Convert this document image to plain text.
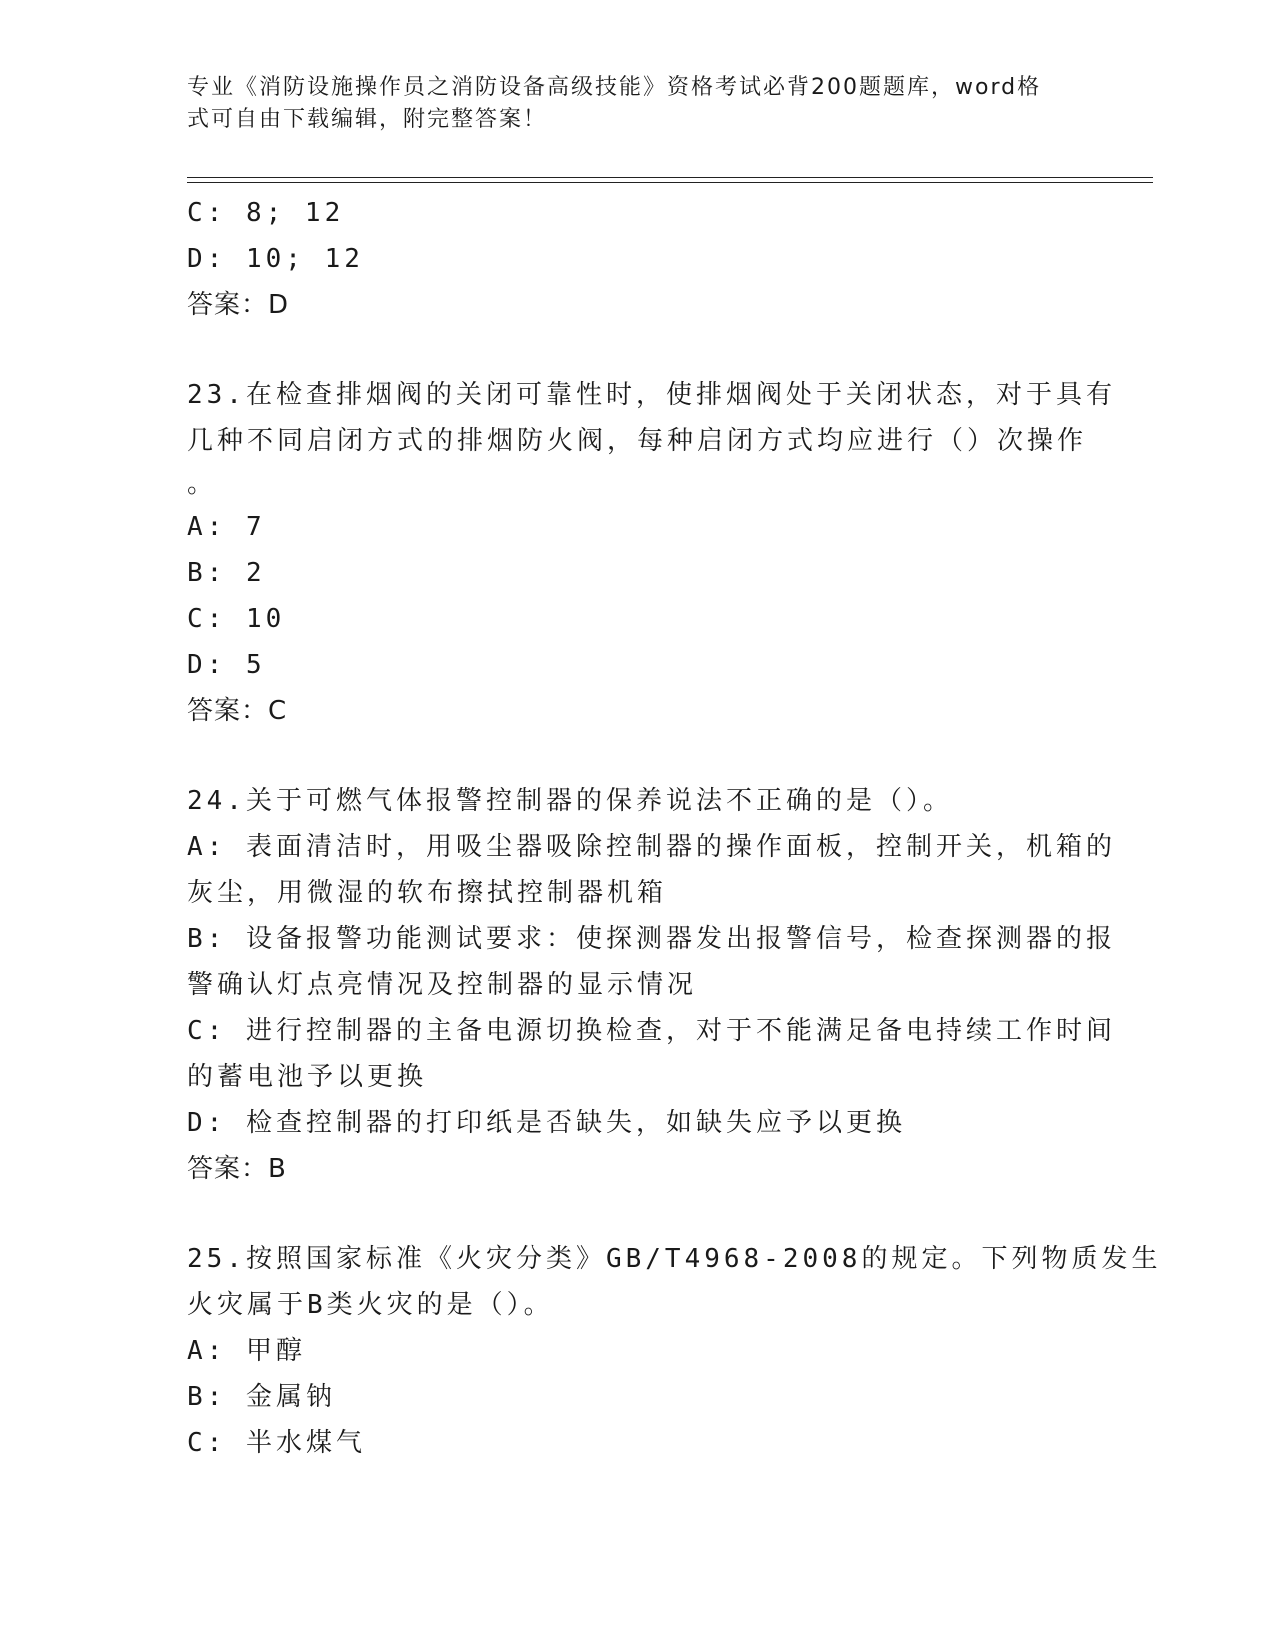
专业《消防设施操作员之消防设备高级技能》资格考试必背200题题库，word格
式可自由下载编辑，附完整答案！
C: 8; 12
D: 10; 12
答案：D
23.在检查排烟阀的关闭可靠性时，使排烟阀处于关闭状态，对于具有
几种不同启闭方式的排烟防火阀，每种启闭方式均应进行（）次操作
。
A: 7
B: 2
C: 10
D: 5
答案：C
24.关于可燃气体报警控制器的保养说法不正确的是（）。
A: 表面清洁时，用吸尘器吸除控制器的操作面板，控制开关，机箱的
灰尘，用微湿的软布擦拭控制器机箱
B: 设备报警功能测试要求：使探测器发出报警信号，检查探测器的报
警确认灯点亮情况及控制器的显示情况
C: 进行控制器的主备电源切换检查，对于不能满足备电持续工作时间
的蓄电池予以更换
D: 检查控制器的打印纸是否缺失，如缺失应予以更换
答案：B
25.按照国家标准《火灾分类》GB/T4968-2008的规定。下列物质发生
火灾属于B类火灾的是（）。
A: 甲醇
B: 金属钠
C: 半水煤气
